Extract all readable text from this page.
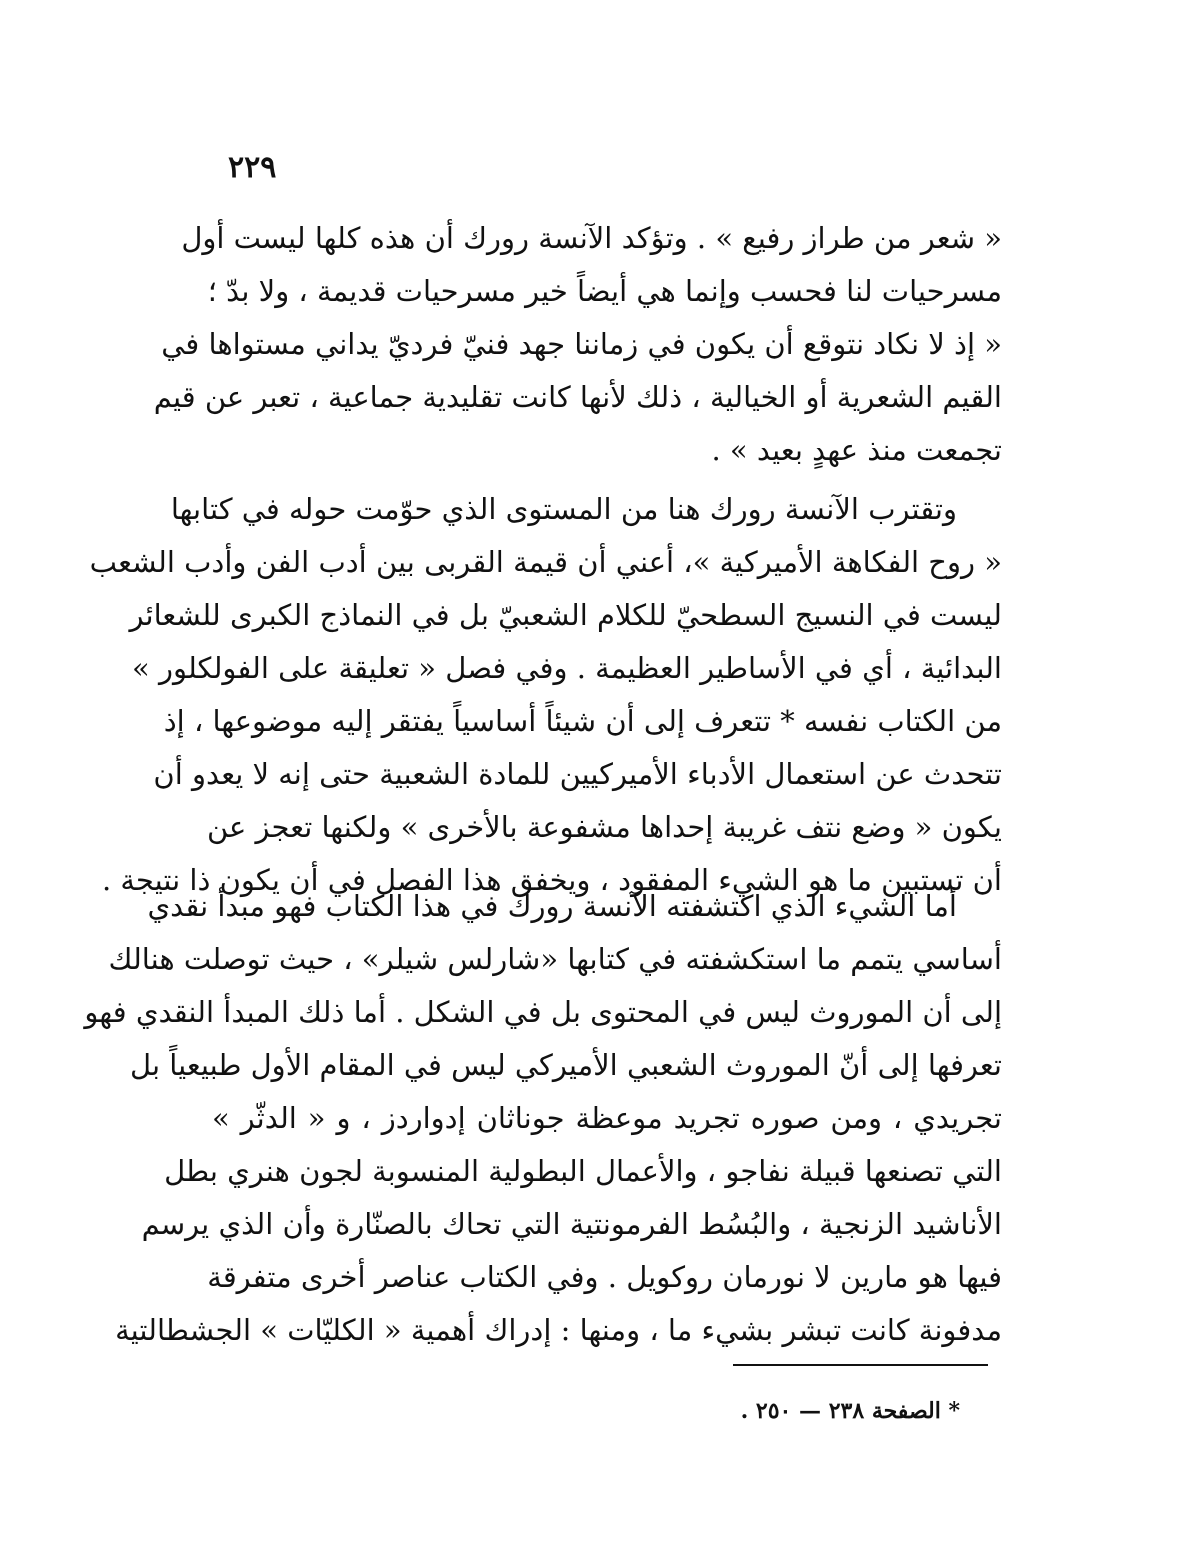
٢٢٩
« شعر من طراز رفيع » . وتؤكد الآنسة رورك أن هذه كلها ليست أول
مسرحيات لنا فحسب وإنما هي أيضاً خير مسرحيات قديمة ، ولا بدّ ؛
« إذ لا نكاد نتوقع أن يكون في زماننا جهد فنيّ فرديّ يداني مستواها في
القيم الشعرية أو الخيالية ، ذلك لأنها كانت تقليدية جماعية ، تعبر عن قيم
تجمعت منذ عهدٍ بعيد » .
وتقترب الآنسة رورك هنا من المستوى الذي حوّمت حوله في كتابها
« روح الفكاهة الأميركية »، أعني أن قيمة القربى بين أدب الفن وأدب الشعب
ليست في النسيج السطحيّ للكلام الشعبيّ بل في النماذج الكبرى للشعائر
البدائية ، أي في الأساطير العظيمة . وفي فصل « تعليقة على الفولكلور »
من الكتاب نفسه * تتعرف إلى أن شيئاً أساسياً يفتقر إليه موضوعها ، إذ
تتحدث عن استعمال الأدباء الأميركيين للمادة الشعبية حتى إنه لا يعدو أن
يكون « وضع نتف غريبة إحداها مشفوعة بالأخرى » ولكنها تعجز عن
أن تستبين ما هو الشيء المفقود ، ويخفق هذا الفصل في أن يكون ذا نتيجة .
أما الشيء الذي اكتشفته الآنسة رورك في هذا الكتاب فهو مبدأ نقدي
أساسي يتمم ما استكشفته في كتابها «شارلس شيلر» ، حيث توصلت هنالك
إلى أن الموروث ليس في المحتوى بل في الشكل . أما ذلك المبدأ النقدي فهو
تعرفها إلى أنّ الموروث الشعبي الأميركي ليس في المقام الأول طبيعياً بل
تجريدي ، ومن صوره تجريد موعظة جوناثان إدواردز ، و « الدثّر »
التي تصنعها قبيلة نفاجو ، والأعمال البطولية المنسوبة لجون هنري بطل
الأناشيد الزنجية ، والبُسُط الفرمونتية التي تحاك بالصنّارة وأن الذي يرسم
فيها هو مارين لا نورمان روكويل . وفي الكتاب عناصر أخرى متفرقة
مدفونة كانت تبشر بشيء ما ، ومنها : إدراك أهمية « الكليّات » الجشطالتية
* الصفحة ٢٣٨ — ٢٥٠ .
